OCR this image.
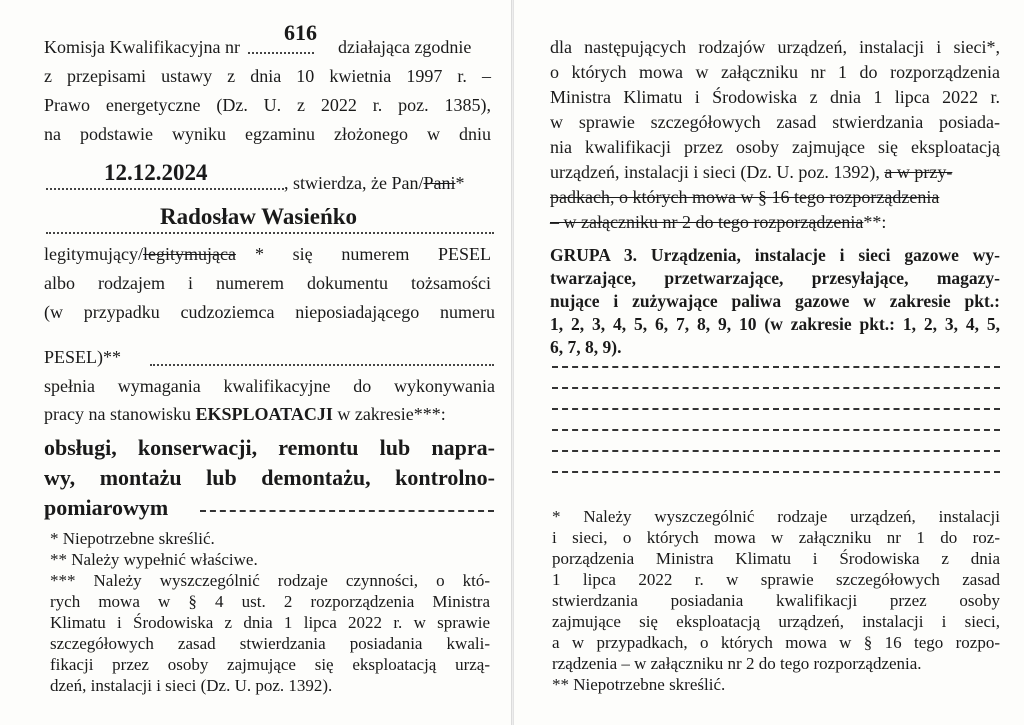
Komisja Kwalifikacyjna nr
616
działająca zgodnie
z przepisami ustawy z dnia 10 kwietnia 1997 r. –
Prawo energetyczne (Dz. U. z 2022 r. poz. 1385),
na podstawie wyniku egzaminu złożonego w dniu
12.12.2024	, stwierdza, że Pan/Pani*
Radosław Wasieńko
legitymujący/legitymująca * się numerem PESEL
albo rodzajem i numerem dokumentu tożsamości
(w przypadku cudzoziemca nieposiadającego numeru
PESEL)**
spełnia wymagania kwalifikacyjne do wykonywania
pracy na stanowisku EKSPLOATACJI w zakresie***:
obsługi, konserwacji, remontu lub napra-
wy, montażu lub demontażu, kontrolno-
pomiarowym
* Niepotrzebne skreślić.
** Należy wypełnić właściwe.
*** Należy wyszczególnić rodzaje czynności, o któ-
rych mowa w § 4 ust. 2 rozporządzenia Ministra
Klimatu i Środowiska z dnia 1 lipca 2022 r. w sprawie
szczegółowych zasad stwierdzania posiadania kwali-
fikacji przez osoby zajmujące się eksploatacją urzą-
dzeń, instalacji i sieci (Dz. U. poz. 1392).
dla następujących rodzajów urządzeń, instalacji i sieci*,
o których mowa w załączniku nr 1 do rozporządzenia
Ministra Klimatu i Środowiska z dnia 1 lipca 2022 r.
w sprawie szczegółowych zasad stwierdzania posiada-
nia kwalifikacji przez osoby zajmujące się eksploatacją
urządzeń, instalacji i sieci (Dz. U. poz. 1392), a w przy-
padkach, o których mowa w § 16 tego rozporządzenia
– w załączniku nr 2 do tego rozporządzenia**:
GRUPA 3. Urządzenia, instalacje i sieci gazowe wy-
twarzające, przetwarzające, przesyłające, magazy-
nujące i zużywające paliwa gazowe w zakresie pkt.:
1, 2, 3, 4, 5, 6, 7, 8, 9, 10 (w zakresie pkt.: 1, 2, 3, 4, 5,
6, 7, 8, 9).
* Należy wyszczególnić rodzaje urządzeń, instalacji
i sieci, o których mowa w załączniku nr 1 do roz-
porządzenia Ministra Klimatu i Środowiska z dnia
1 lipca 2022 r. w sprawie szczegółowych zasad
stwierdzania posiadania kwalifikacji przez osoby
zajmujące się eksploatacją urządzeń, instalacji i sieci,
a w przypadkach, o których mowa w § 16 tego rozpo-
rządzenia – w załączniku nr 2 do tego rozporządzenia.
** Niepotrzebne skreślić.
